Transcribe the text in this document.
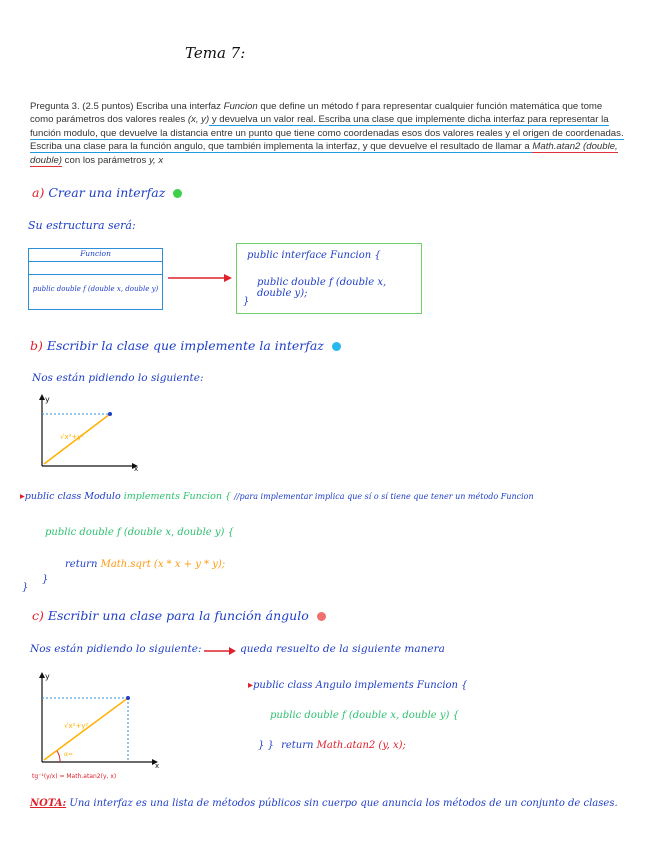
Tema 7:
Pregunta 3. (2.5 puntos) Escriba una interfaz Funcion que define un método f para representar cualquier función matemática que tome como parámetros dos valores reales (x, y) y devuelva un valor real. Escriba una clase que implemente dicha interfaz para representar la función modulo, que devuelve la distancia entre un punto que tiene como coordenadas esos dos valores reales y el origen de coordenadas. Escriba una clase para la función angulo, que también implementa la interfaz, y que devuelve el resultado de llamar a Math.atan2 (double, double) con los parámetros y, x
a) Crear una interfaz
Su estructura será:
Funcion
public double f (double x, double y)
public interface Funcion {
public double f (double x, double y);
}
b) Escribir la clase que implemente la interfaz
Nos están pidiendo lo siguiente:
y
x
√x²+y²
▸public class Modulo implements Funcion { //para implementar implica que sí o sí tiene que tener un método Funcion
public double f (double x, double y) {
return Math.sqrt (x * x + y * y);
}
}
c) Escribir una clase para la función ángulo
Nos están pidiendo lo siguiente:	queda resuelto de la siguiente manera
y
x
√x²+y²
α=
tg⁻¹(y/x) = Math.atan2(y, x)
▸public class Angulo implements Funcion {
public double f (double x, double y) {
} } return Math.atan2 (y, x);
NOTA: Una interfaz es una lista de métodos públicos sin cuerpo que anuncia los métodos de un conjunto de clases.
